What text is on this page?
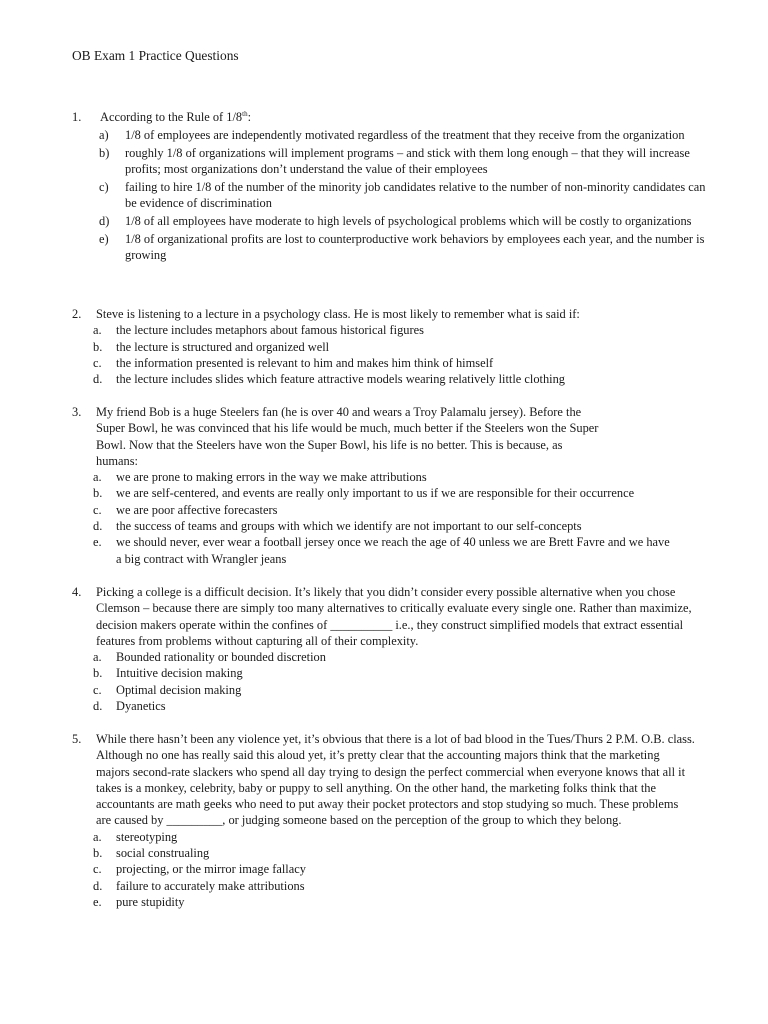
OB Exam 1 Practice Questions
1. According to the Rule of 1/8th:
a) 1/8 of employees are independently motivated regardless of the treatment that they receive from the organization
b) roughly 1/8 of organizations will implement programs – and stick with them long enough – that they will increase profits; most organizations don’t understand the value of their employees
c) failing to hire 1/8 of the number of the minority job candidates relative to the number of non-minority candidates can be evidence of discrimination
d) 1/8 of all employees have moderate to high levels of psychological problems which will be costly to organizations
e) 1/8 of organizational profits are lost to counterproductive work behaviors by employees each year, and the number is growing
2. Steve is listening to a lecture in a psychology class. He is most likely to remember what is said if:
a. the lecture includes metaphors about famous historical figures
b. the lecture is structured and organized well
c. the information presented is relevant to him and makes him think of himself
d. the lecture includes slides which feature attractive models wearing relatively little clothing
3. My friend Bob is a huge Steelers fan (he is over 40 and wears a Troy Palamalu jersey). Before the Super Bowl, he was convinced that his life would be much, much better if the Steelers won the Super Bowl. Now that the Steelers have won the Super Bowl, his life is no better. This is because, as humans:
a. we are prone to making errors in the way we make attributions
b. we are self-centered, and events are really only important to us if we are responsible for their occurrence
c. we are poor affective forecasters
d. the success of teams and groups with which we identify are not important to our self-concepts
e. we should never, ever wear a football jersey once we reach the age of 40 unless we are Brett Favre and we have a big contract with Wrangler jeans
4. Picking a college is a difficult decision. It’s likely that you didn’t consider every possible alternative when you chose Clemson – because there are simply too many alternatives to critically evaluate every single one. Rather than maximize, decision makers operate within the confines of __________ i.e., they construct simplified models that extract essential features from problems without capturing all of their complexity.
a. Bounded rationality or bounded discretion
b. Intuitive decision making
c. Optimal decision making
d. Dyanetics
5. While there hasn’t been any violence yet, it’s obvious that there is a lot of bad blood in the Tues/Thurs 2 P.M. O.B. class. Although no one has really said this aloud yet, it’s pretty clear that the accounting majors think that the marketing majors second-rate slackers who spend all day trying to design the perfect commercial when everyone knows that all it takes is a monkey, celebrity, baby or puppy to sell anything. On the other hand, the marketing folks think that the accountants are math geeks who need to put away their pocket protectors and stop studying so much. These problems are caused by _________, or judging someone based on the perception of the group to which they belong.
a. stereotyping
b. social construaling
c. projecting, or the mirror image fallacy
d. failure to accurately make attributions
e. pure stupidity
